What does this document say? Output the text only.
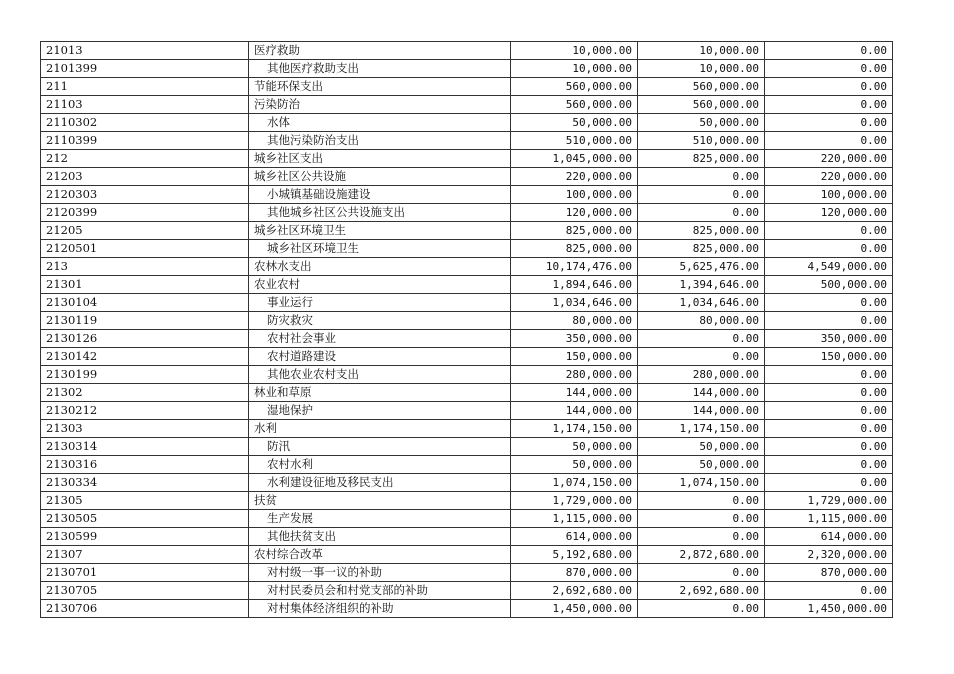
21013	医疗救助	10,000.00	10,000.00	0.00
2101399	其他医疗救助支出	10,000.00	10,000.00	0.00
211	节能环保支出	560,000.00	560,000.00	0.00
21103	污染防治	560,000.00	560,000.00	0.00
2110302	水体	50,000.00	50,000.00	0.00
2110399	其他污染防治支出	510,000.00	510,000.00	0.00
212	城乡社区支出	1,045,000.00	825,000.00	220,000.00
21203	城乡社区公共设施	220,000.00	0.00	220,000.00
2120303	小城镇基础设施建设	100,000.00	0.00	100,000.00
2120399	其他城乡社区公共设施支出	120,000.00	0.00	120,000.00
21205	城乡社区环境卫生	825,000.00	825,000.00	0.00
2120501	城乡社区环境卫生	825,000.00	825,000.00	0.00
213	农林水支出	10,174,476.00	5,625,476.00	4,549,000.00
21301	农业农村	1,894,646.00	1,394,646.00	500,000.00
2130104	事业运行	1,034,646.00	1,034,646.00	0.00
2130119	防灾救灾	80,000.00	80,000.00	0.00
2130126	农村社会事业	350,000.00	0.00	350,000.00
2130142	农村道路建设	150,000.00	0.00	150,000.00
2130199	其他农业农村支出	280,000.00	280,000.00	0.00
21302	林业和草原	144,000.00	144,000.00	0.00
2130212	湿地保护	144,000.00	144,000.00	0.00
21303	水利	1,174,150.00	1,174,150.00	0.00
2130314	防汛	50,000.00	50,000.00	0.00
2130316	农村水利	50,000.00	50,000.00	0.00
2130334	水利建设征地及移民支出	1,074,150.00	1,074,150.00	0.00
21305	扶贫	1,729,000.00	0.00	1,729,000.00
2130505	生产发展	1,115,000.00	0.00	1,115,000.00
2130599	其他扶贫支出	614,000.00	0.00	614,000.00
21307	农村综合改革	5,192,680.00	2,872,680.00	2,320,000.00
2130701	对村级一事一议的补助	870,000.00	0.00	870,000.00
2130705	对村民委员会和村党支部的补助	2,692,680.00	2,692,680.00	0.00
2130706	对村集体经济组织的补助	1,450,000.00	0.00	1,450,000.00
